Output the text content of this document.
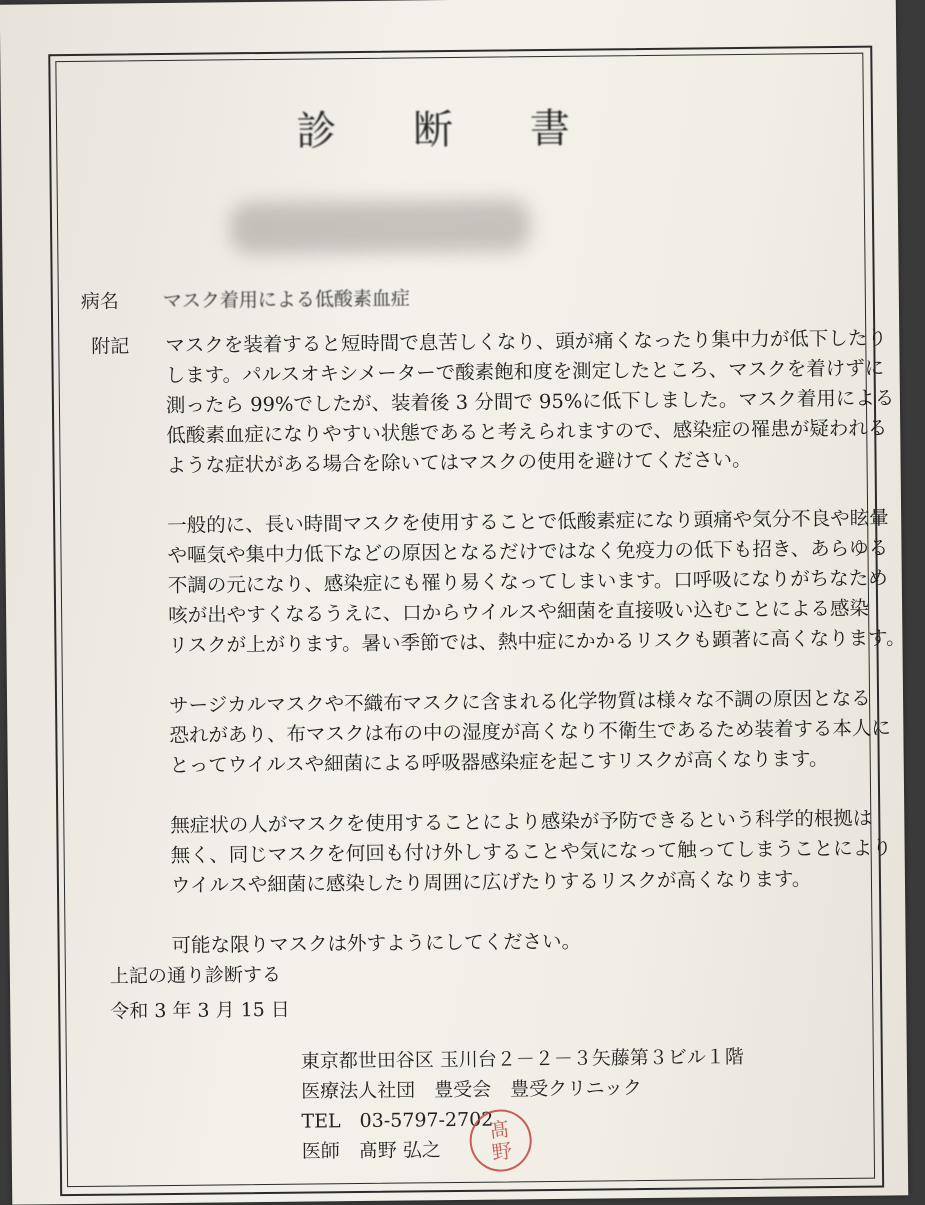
診 断 書
病名 マスク着用による低酸素血症
附記 マスクを装着すると短時間で息苦しくなり、頭が痛くなったり集中力が低下したり
します。パルスオキシメーターで酸素飽和度を測定したところ、マスクを着けずに
測ったら 99%でしたが、装着後 3 分間で 95%に低下しました。マスク着用による
低酸素血症になりやすい状態であると考えられますので、感染症の罹患が疑われる
ような症状がある場合を除いてはマスクの使用を避けてください。

一般的に、長い時間マスクを使用することで低酸素症になり頭痛や気分不良や眩暈
や嘔気や集中力低下などの原因となるだけではなく免疫力の低下も招き、あらゆる
不調の元になり、感染症にも罹り易くなってしまいます。口呼吸になりがちなため
咳が出やすくなるうえに、口からウイルスや細菌を直接吸い込むことによる感染
リスクが上がります。暑い季節では、熱中症にかかるリスクも顕著に高くなります。

サージカルマスクや不織布マスクに含まれる化学物質は様々な不調の原因となる
恐れがあり、布マスクは布の中の湿度が高くなり不衛生であるため装着する本人に
とってウイルスや細菌による呼吸器感染症を起こすリスクが高くなります。

無症状の人がマスクを使用することにより感染が予防できるという科学的根拠は
無く、同じマスクを何回も付け外しすることや気になって触ってしまうことにより
ウイルスや細菌に感染したり周囲に広げたりするリスクが高くなります。

可能な限りマスクは外すようにしてください。

上記の通り診断する
令和 3 年 3 月 15 日
東京都世田谷区 玉川台２－２－３矢藤第３ビル１階
医療法人社団　豊受会　豊受クリニック
TEL　03-5797-2702
医師　髙野 弘之
髙
野
